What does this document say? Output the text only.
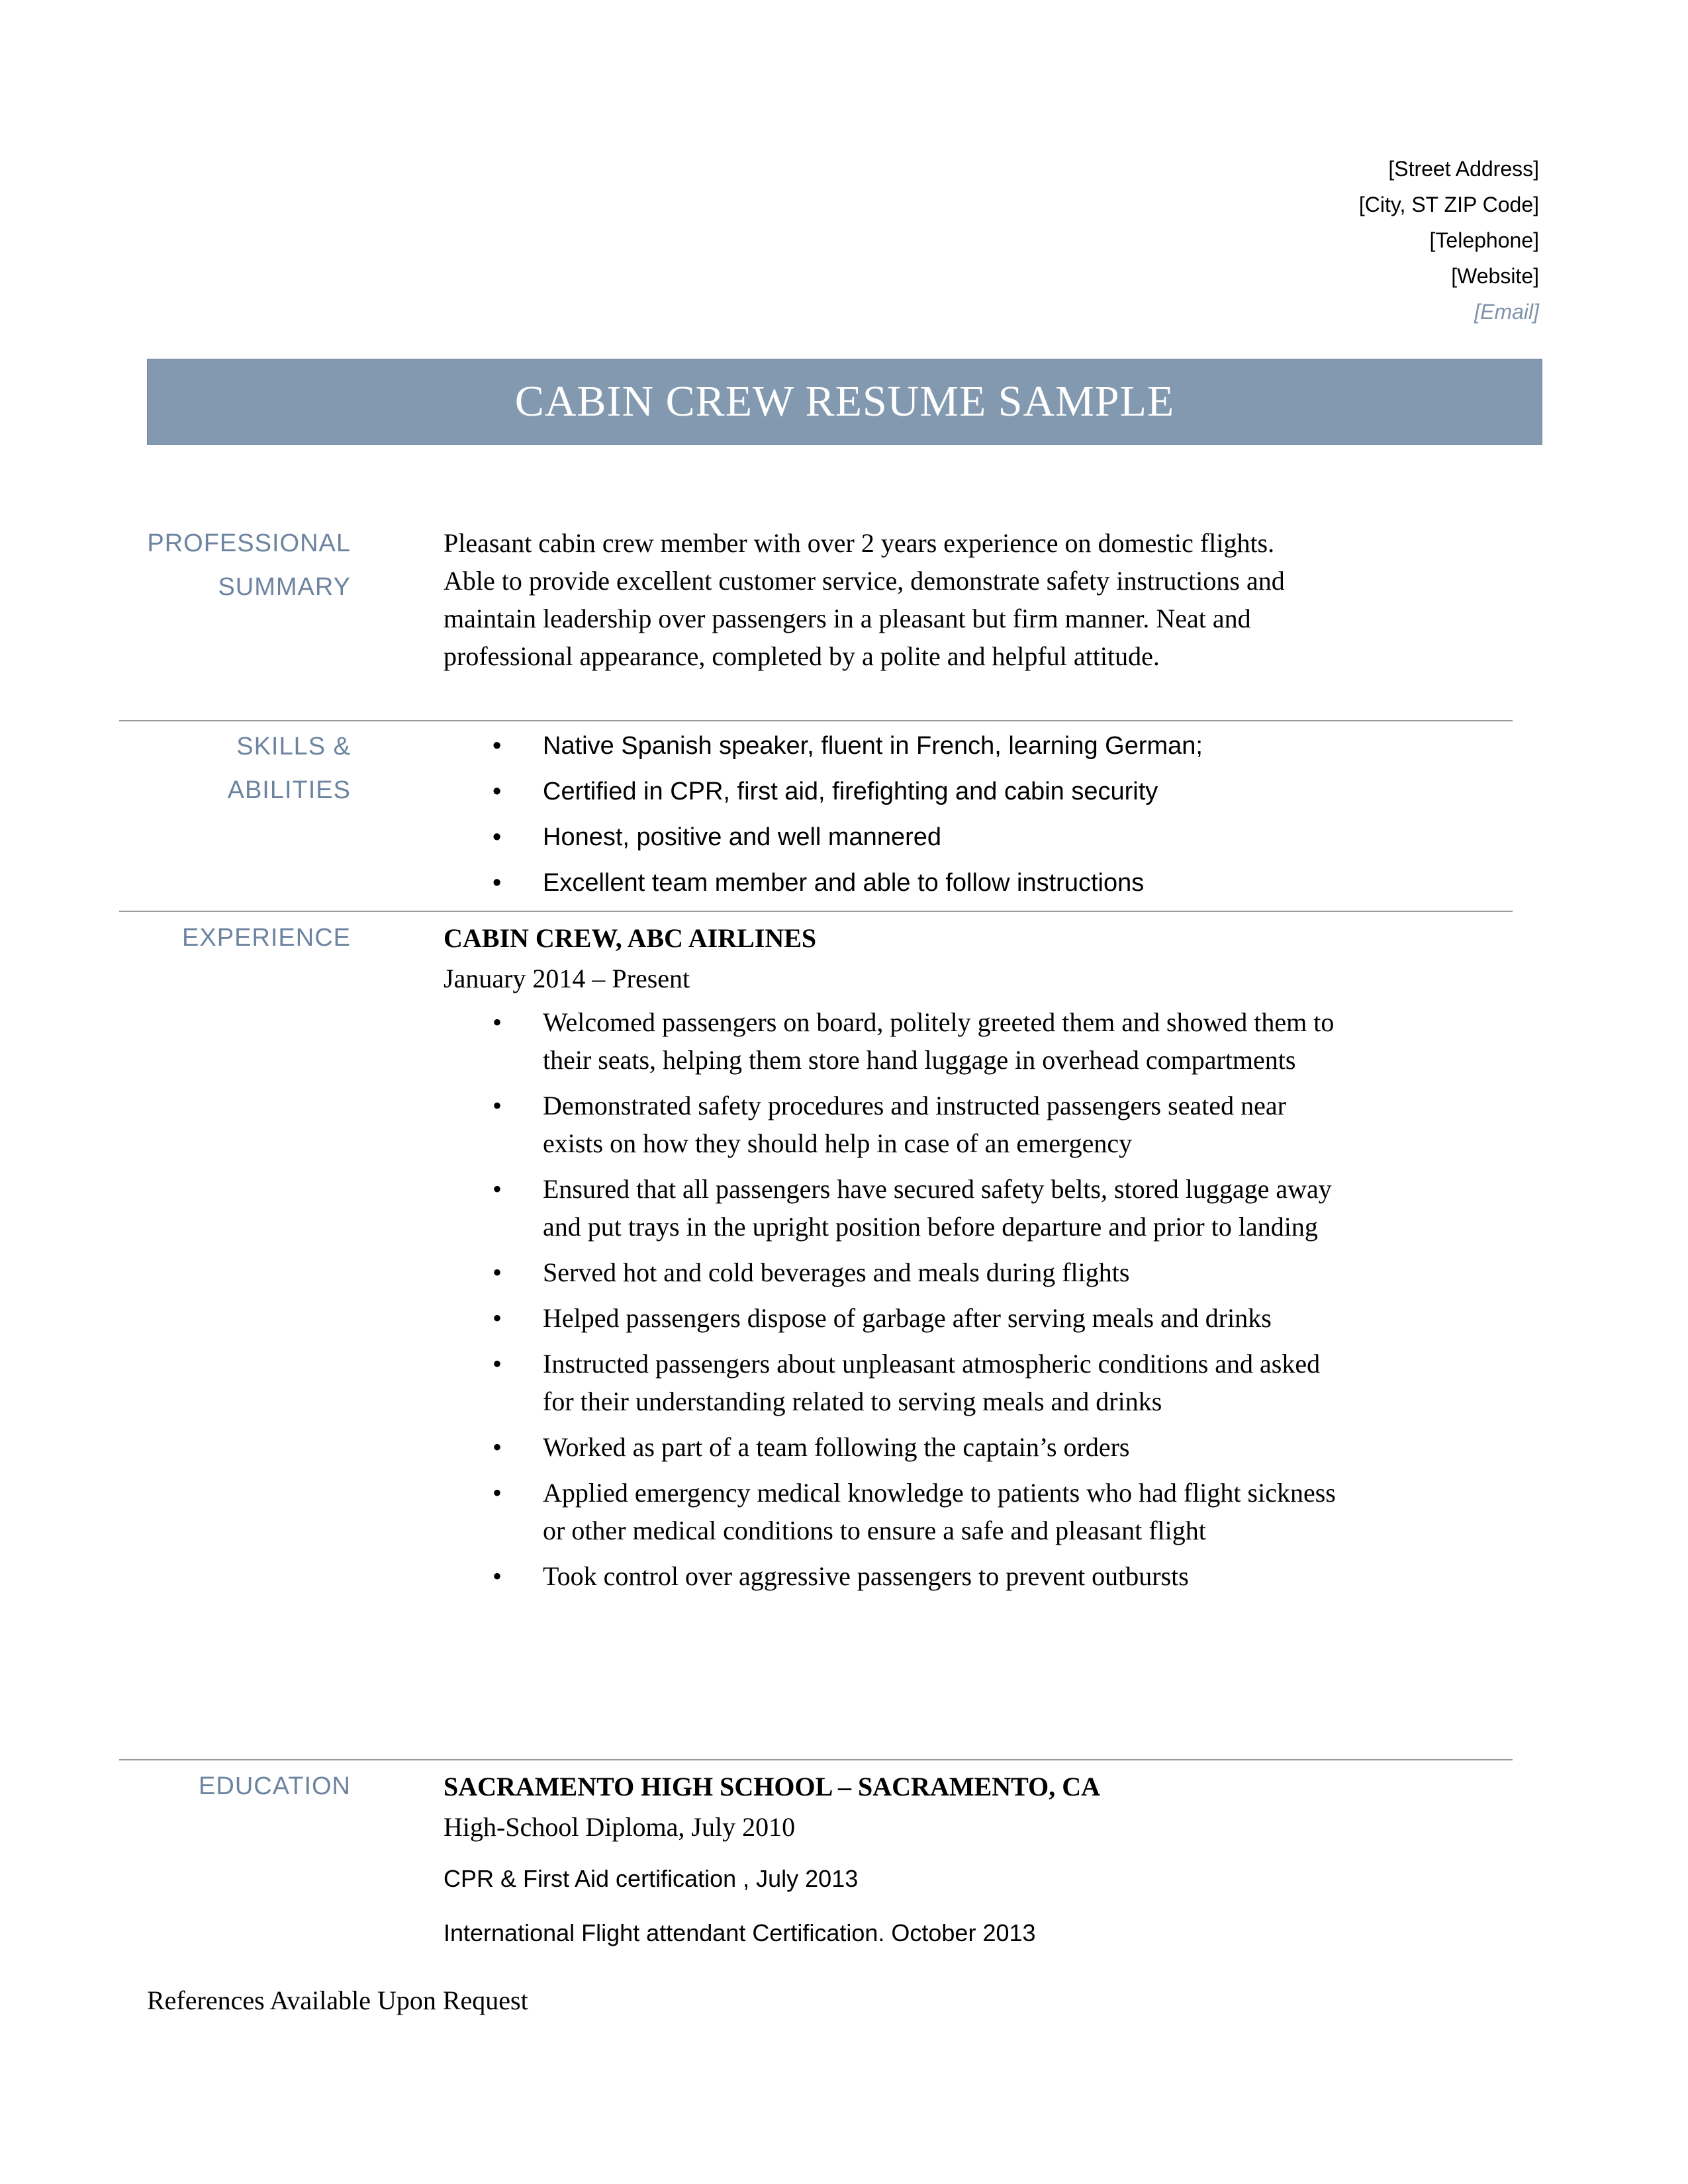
[Street Address]
[City, ST ZIP Code]
[Telephone]
[Website]
[Email]
CABIN CREW RESUME SAMPLE
PROFESSIONAL
SUMMARY
Pleasant cabin crew member with over 2 years experience on domestic flights. Able to provide excellent customer service, demonstrate safety instructions and maintain leadership over passengers in a pleasant but firm manner. Neat and professional appearance, completed by a polite and helpful attitude.
SKILLS & ABILITIES
• Native Spanish speaker, fluent in French, learning German;
• Certified in CPR, first aid, firefighting and cabin security
• Honest, positive and well mannered
• Excellent team member and able to follow instructions
EXPERIENCE	CABIN CREW, ABC AIRLINES
January 2014 – Present
• Welcomed passengers on board, politely greeted them and showed them to their seats, helping them store hand luggage in overhead compartments
• Demonstrated safety procedures and instructed passengers seated near exists on how they should help in case of an emergency
• Ensured that all passengers have secured safety belts, stored luggage away and put trays in the upright position before departure and prior to landing
• Served hot and cold beverages and meals during flights
• Helped passengers dispose of garbage after serving meals and drinks
• Instructed passengers about unpleasant atmospheric conditions and asked for their understanding related to serving meals and drinks
• Worked as part of a team following the captain’s orders
• Applied emergency medical knowledge to patients who had flight sickness or other medical conditions to ensure a safe and pleasant flight
• Took control over aggressive passengers to prevent outbursts
EDUCATION	SACRAMENTO HIGH SCHOOL – SACRAMENTO, CA
High-School Diploma, July 2010
CPR & First Aid certification , July 2013
International Flight attendant Certification. October 2013
References Available Upon Request
